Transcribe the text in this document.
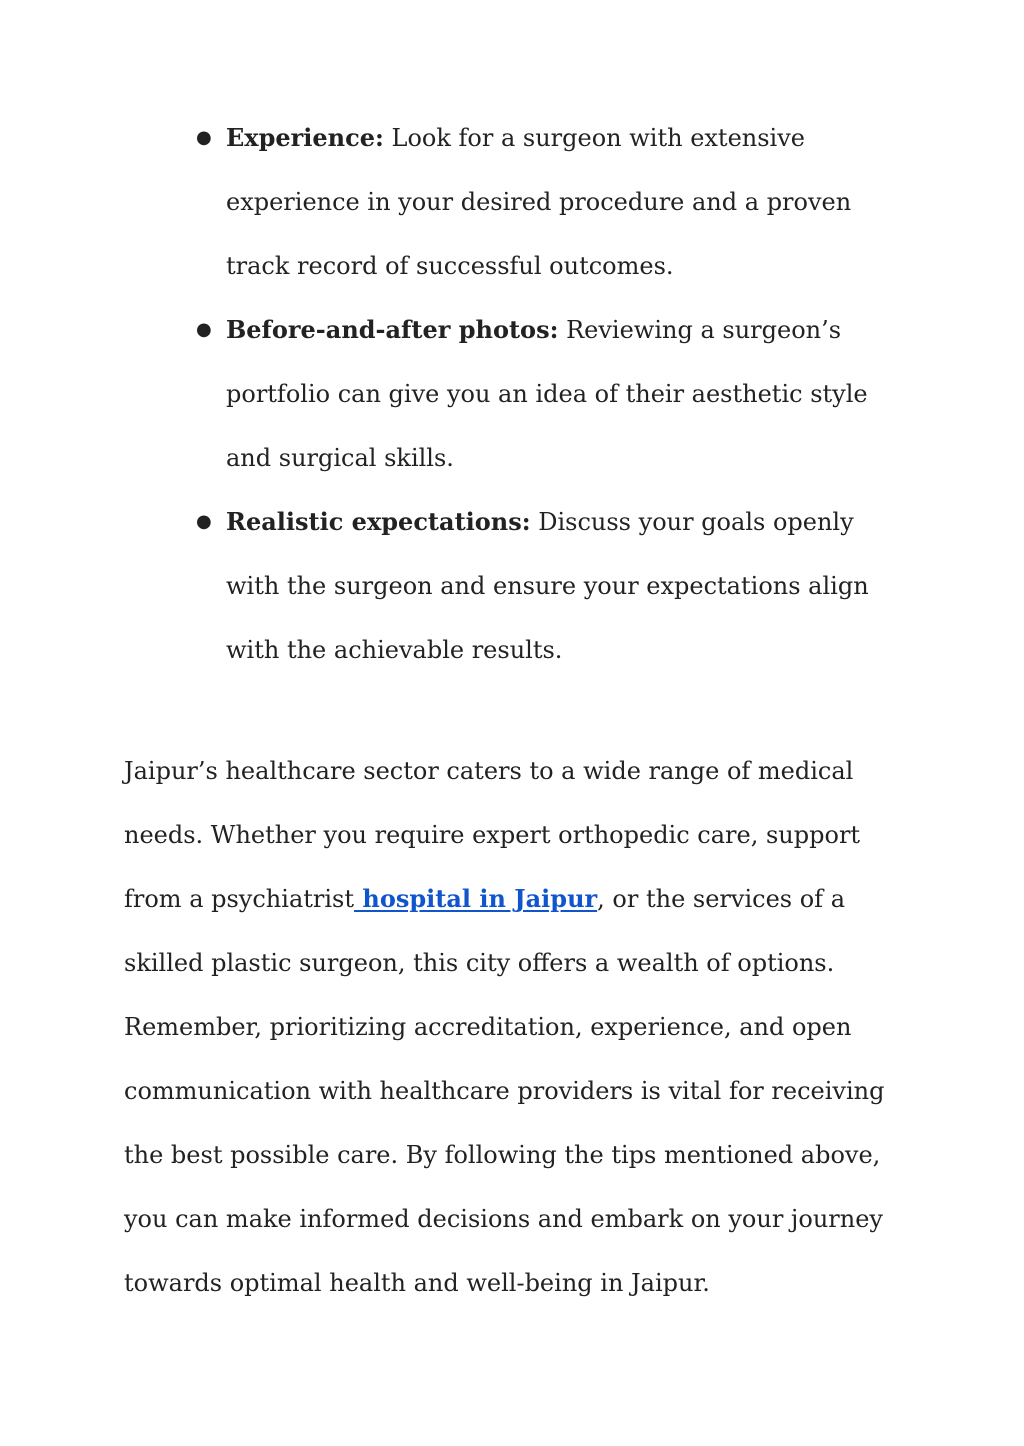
● Experience: Look for a surgeon with extensive experience in your desired procedure and a proven track record of successful outcomes.
● Before-and-after photos: Reviewing a surgeon’s portfolio can give you an idea of their aesthetic style and surgical skills.
● Realistic expectations: Discuss your goals openly with the surgeon and ensure your expectations align with the achievable results.

Jaipur’s healthcare sector caters to a wide range of medical needs. Whether you require expert orthopedic care, support from a psychiatrist hospital in Jaipur, or the services of a skilled plastic surgeon, this city offers a wealth of options. Remember, prioritizing accreditation, experience, and open communication with healthcare providers is vital for receiving the best possible care. By following the tips mentioned above, you can make informed decisions and embark on your journey towards optimal health and well-being in Jaipur.
